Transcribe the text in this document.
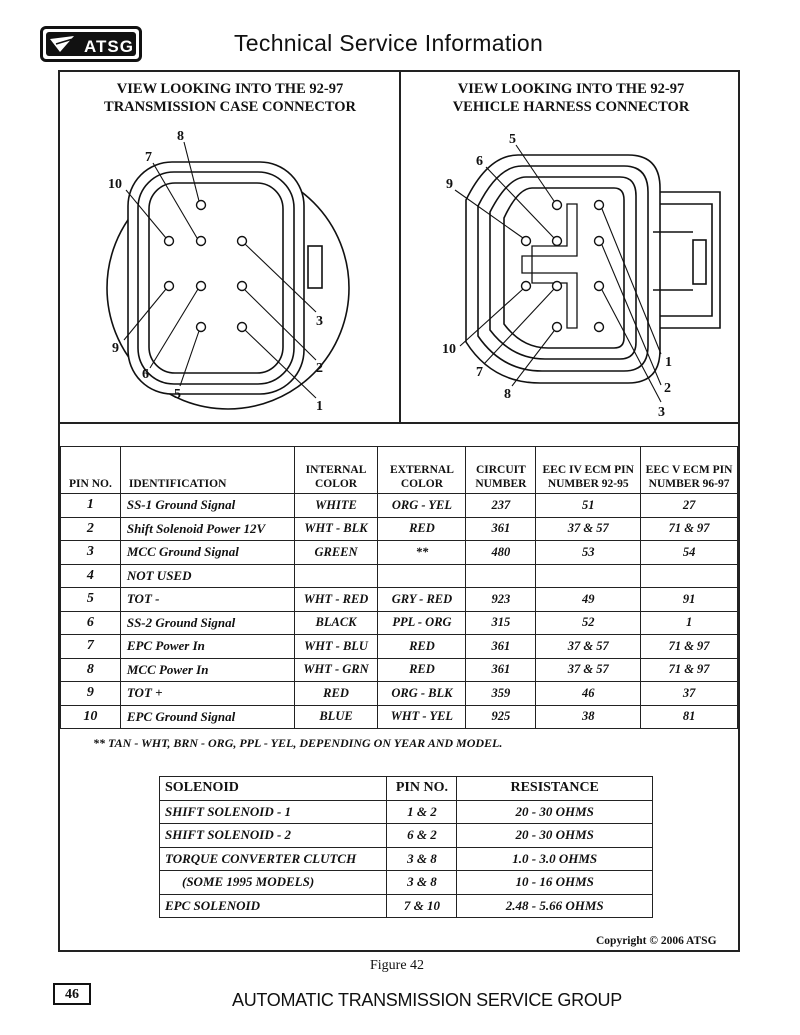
ATSG	Technical Service Information
VIEW LOOKING INTO THE 92-97
TRANSMISSION CASE CONNECTOR
VIEW LOOKING INTO THE 92-97
VEHICLE HARNESS CONNECTOR
1
2
3
5
6
7
8
9
10
1
2
3
5
6
7
8
9
10
PIN NO.	IDENTIFICATION	INTERNAL COLOR	EXTERNAL COLOR	CIRCUIT NUMBER	EEC IV ECM PIN NUMBER 92-95	EEC V ECM PIN NUMBER 96-97
1	SS-1 Ground Signal	WHITE	ORG - YEL	237	51	27
2	Shift Solenoid Power 12V	WHT - BLK	RED	361	37 & 57	71 & 97
3	MCC Ground Signal	GREEN	**	480	53	54
4	NOT USED					
5	TOT -	WHT - RED	GRY - RED	923	49	91
6	SS-2 Ground Signal	BLACK	PPL - ORG	315	52	1
7	EPC Power In	WHT - BLU	RED	361	37 & 57	71 & 97
8	MCC Power In	WHT - GRN	RED	361	37 & 57	71 & 97
9	TOT +	RED	ORG - BLK	359	46	37
10	EPC Ground Signal	BLUE	WHT - YEL	925	38	81
** TAN - WHT, BRN - ORG, PPL - YEL, DEPENDING ON YEAR AND MODEL.
SOLENOID	PIN NO.	RESISTANCE
SHIFT SOLENOID - 1	1 & 2	20 - 30 OHMS
SHIFT SOLENOID - 2	6 & 2	20 - 30 OHMS
TORQUE CONVERTER CLUTCH	3 & 8	1.0 - 3.0 OHMS
(SOME 1995 MODELS)	3 & 8	10 - 16 OHMS
EPC SOLENOID	7 & 10	2.48 - 5.66 OHMS
Copyright © 2006 ATSG
Figure 42
46	AUTOMATIC TRANSMISSION SERVICE GROUP
